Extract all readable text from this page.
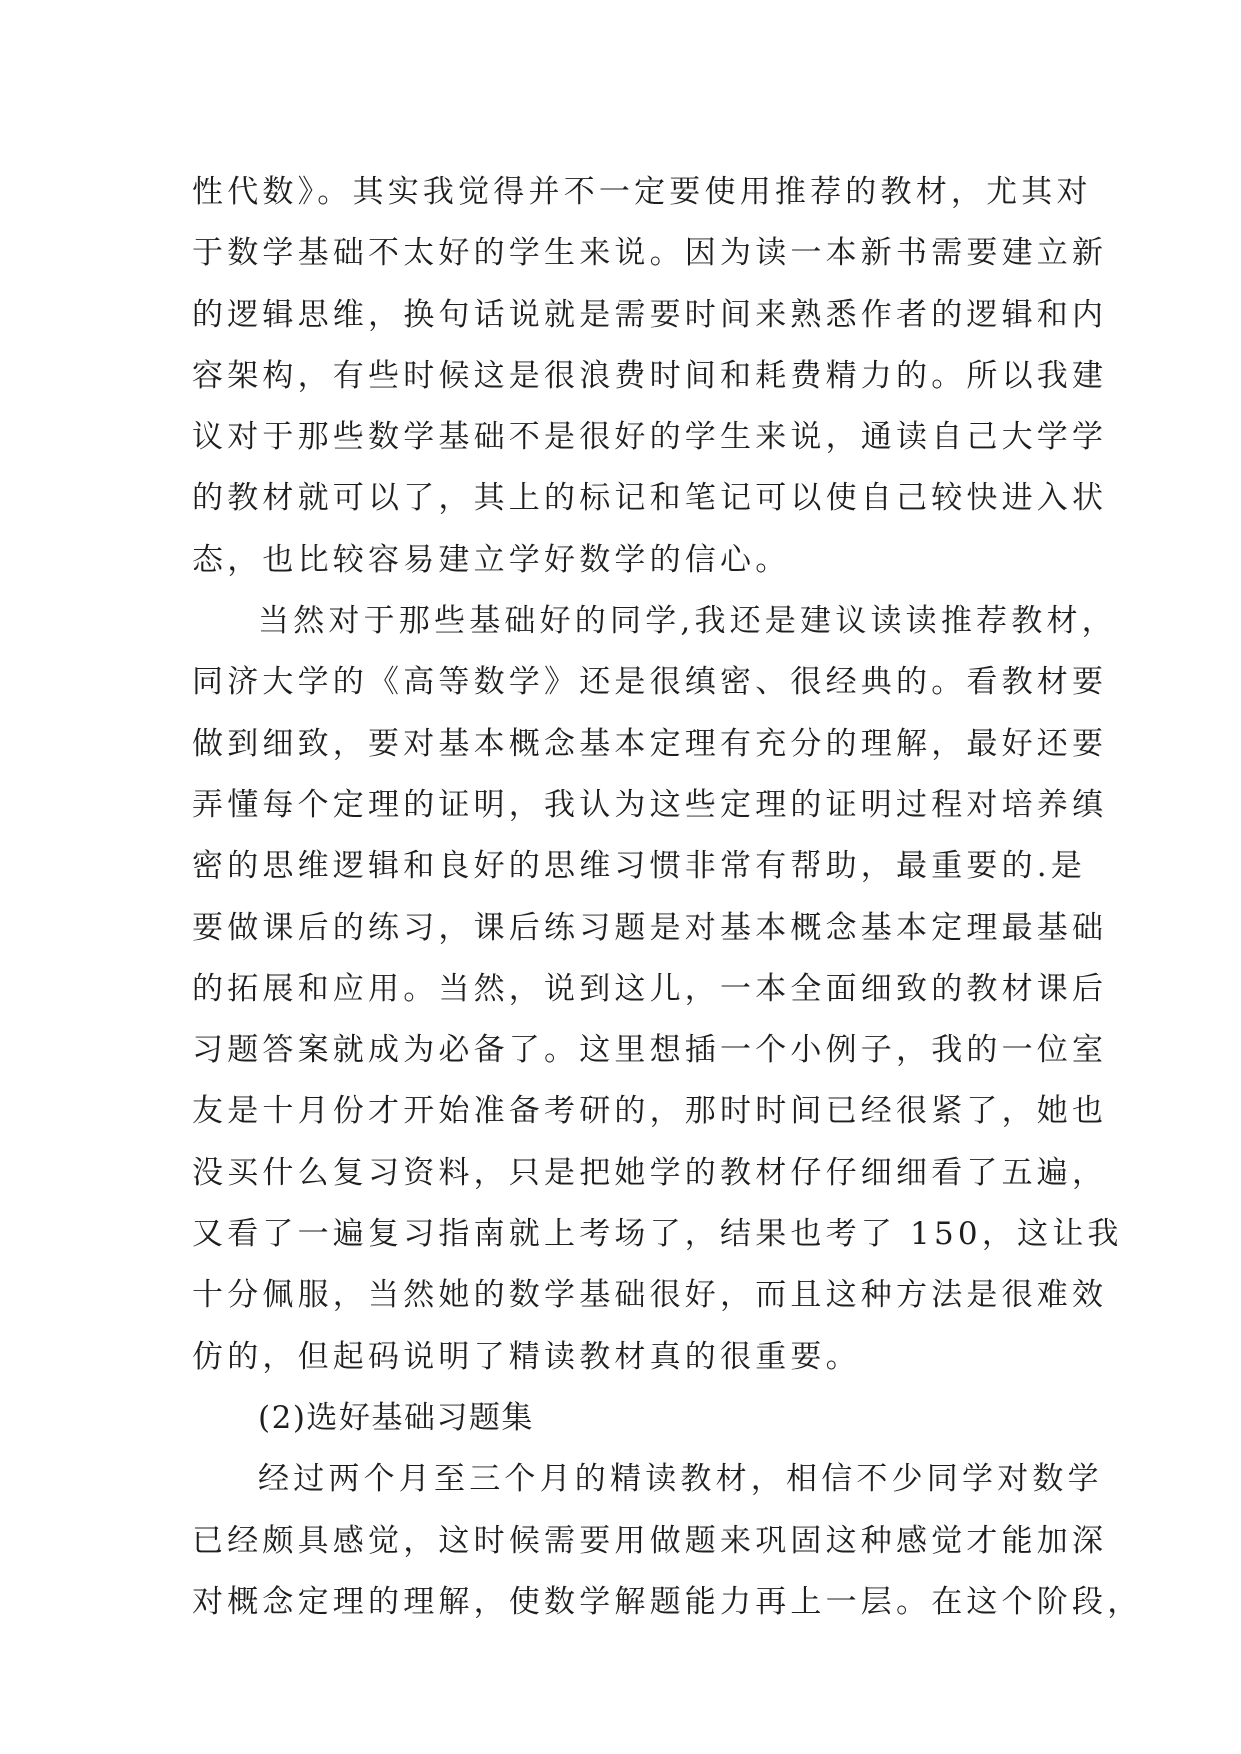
性代数》。其实我觉得并不一定要使用推荐的教材，尤其对
于数学基础不太好的学生来说。因为读一本新书需要建立新
的逻辑思维，换句话说就是需要时间来熟悉作者的逻辑和内
容架构，有些时候这是很浪费时间和耗费精力的。所以我建
议对于那些数学基础不是很好的学生来说，通读自己大学学
的教材就可以了，其上的标记和笔记可以使自己较快进入状
态，也比较容易建立学好数学的信心。
当然对于那些基础好的同学,我还是建议读读推荐教材，
同济大学的《高等数学》还是很缜密、很经典的。看教材要
做到细致，要对基本概念基本定理有充分的理解，最好还要
弄懂每个定理的证明，我认为这些定理的证明过程对培养缜
密的思维逻辑和良好的思维习惯非常有帮助，最重要的.是
要做课后的练习，课后练习题是对基本概念基本定理最基础
的拓展和应用。当然，说到这儿，一本全面细致的教材课后
习题答案就成为必备了。这里想插一个小例子，我的一位室
友是十月份才开始准备考研的，那时时间已经很紧了，她也
没买什么复习资料，只是把她学的教材仔仔细细看了五遍，
又看了一遍复习指南就上考场了，结果也考了 150，这让我
十分佩服，当然她的数学基础很好，而且这种方法是很难效
仿的，但起码说明了精读教材真的很重要。
(2)选好基础习题集
经过两个月至三个月的精读教材，相信不少同学对数学
已经颇具感觉，这时候需要用做题来巩固这种感觉才能加深
对概念定理的理解，使数学解题能力再上一层。在这个阶段，
